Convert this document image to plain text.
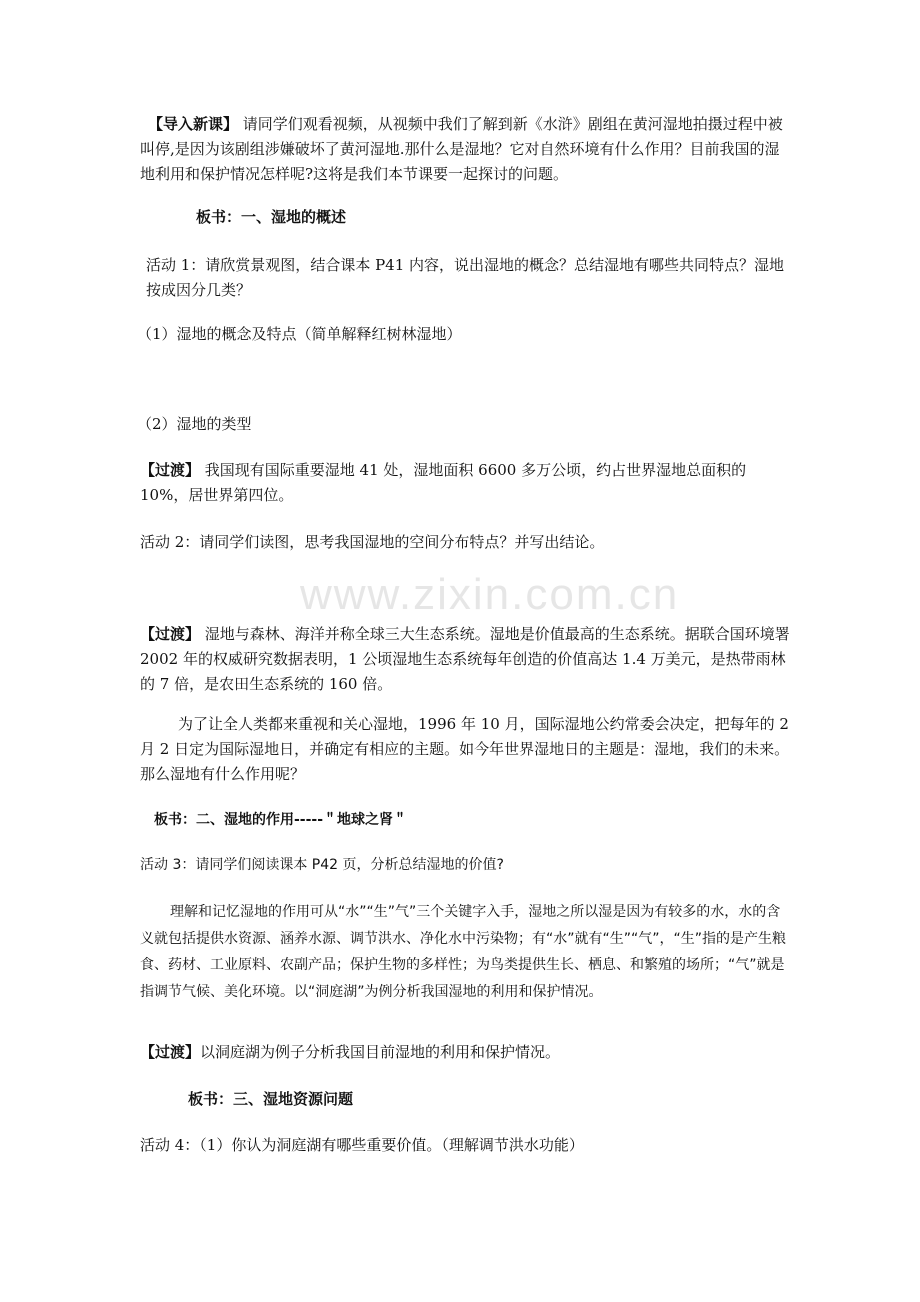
www.zixin.com.cn

【导入新课】 请同学们观看视频，从视频中我们了解到新《水浒》剧组在黄河湿地拍摄过程中被叫停,是因为该剧组涉嫌破坏了黄河湿地.那什么是湿地？它对自然环境有什么作用？目前我国的湿地利用和保护情况怎样呢?这将是我们本节课要一起探讨的问题。

板书：一、湿地的概述

活动 1：请欣赏景观图，结合课本 P41 内容，说出湿地的概念？总结湿地有哪些共同特点？湿地按成因分几类？

（1）湿地的概念及特点（简单解释红树林湿地）

（2）湿地的类型

【过渡】 我国现有国际重要湿地 41 处，湿地面积 6600 多万公顷，约占世界湿地总面积的 10%，居世界第四位。

活动 2：请同学们读图，思考我国湿地的空间分布特点？并写出结论。

【过渡】 湿地与森林、海洋并称全球三大生态系统。湿地是价值最高的生态系统。据联合国环境署 2002 年的权威研究数据表明，1 公顷湿地生态系统每年创造的价值高达 1.4 万美元，是热带雨林的 7 倍，是农田生态系统的 160 倍。

为了让全人类都来重视和关心湿地，1996 年 10 月，国际湿地公约常委会决定，把每年的 2 月 2 日定为国际湿地日，并确定有相应的主题。如今年世界湿地日的主题是：湿地，我们的未来。那么湿地有什么作用呢？

板书：二、湿地的作用-----＂地球之肾＂

活动 3：请同学们阅读课本 P42 页，分析总结湿地的价值?

理解和记忆湿地的作用可从“水”“生”气”三个关键字入手，湿地之所以湿是因为有较多的水，水的含义就包括提供水资源、涵养水源、调节洪水、净化水中污染物；有“水”就有“生”“气”，“生”指的是产生粮食、药材、工业原料、农副产品；保护生物的多样性；为鸟类提供生长、栖息、和繁殖的场所；“气”就是指调节气候、美化环境。以“洞庭湖”为例分析我国湿地的利用和保护情况。

【过渡】以洞庭湖为例子分析我国目前湿地的利用和保护情况。

板书：三、湿地资源问题

活动 4：（1）你认为洞庭湖有哪些重要价值。（理解调节洪水功能）
